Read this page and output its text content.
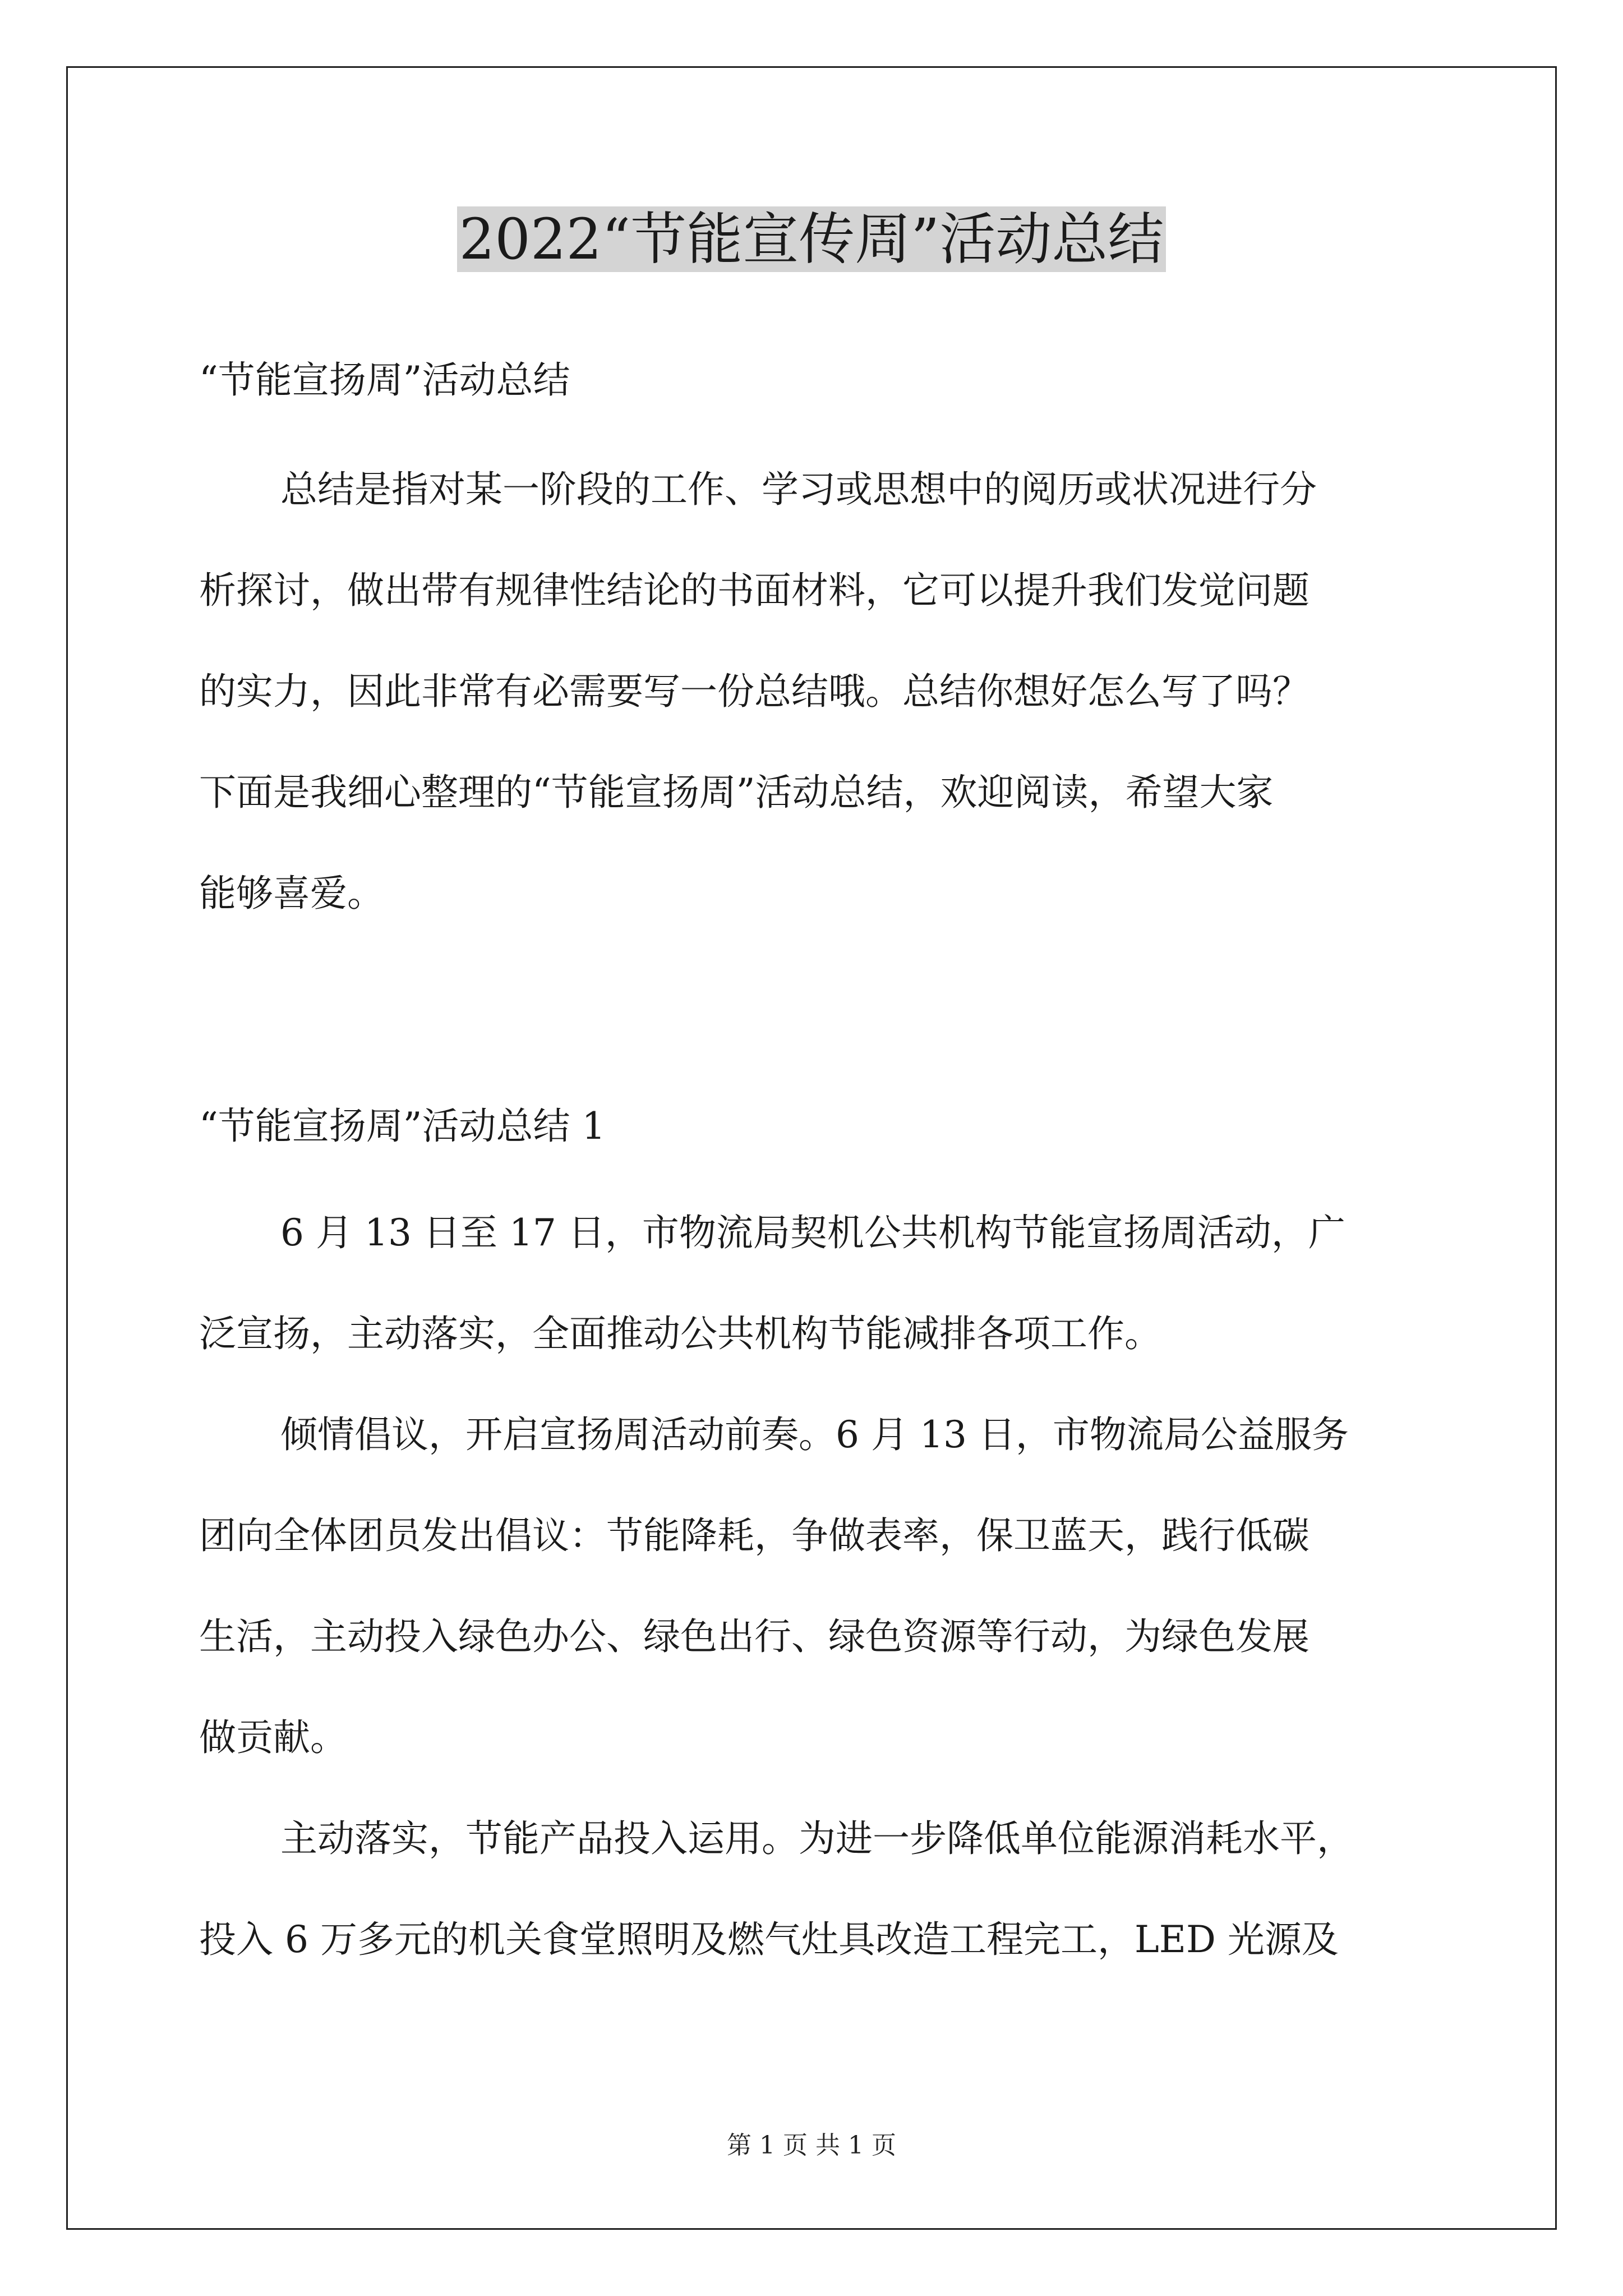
2022“节能宣传周”活动总结
“节能宣扬周”活动总结
总结是指对某一阶段的工作、学习或思想中的阅历或状况进行分
析探讨，做出带有规律性结论的书面材料，它可以提升我们发觉问题
的实力，因此非常有必需要写一份总结哦。总结你想好怎么写了吗？
下面是我细心整理的“节能宣扬周”活动总结，欢迎阅读，希望大家
能够喜爱。
“节能宣扬周”活动总结 1
6 月 13 日至 17 日，市物流局契机公共机构节能宣扬周活动，广
泛宣扬，主动落实，全面推动公共机构节能减排各项工作。
倾情倡议，开启宣扬周活动前奏。6 月 13 日，市物流局公益服务
团向全体团员发出倡议：节能降耗，争做表率，保卫蓝天，践行低碳
生活，主动投入绿色办公、绿色出行、绿色资源等行动，为绿色发展
做贡献。
主动落实，节能产品投入运用。为进一步降低单位能源消耗水平，
投入 6 万多元的机关食堂照明及燃气灶具改造工程完工，LED 光源及
第 1 页 共 1 页
